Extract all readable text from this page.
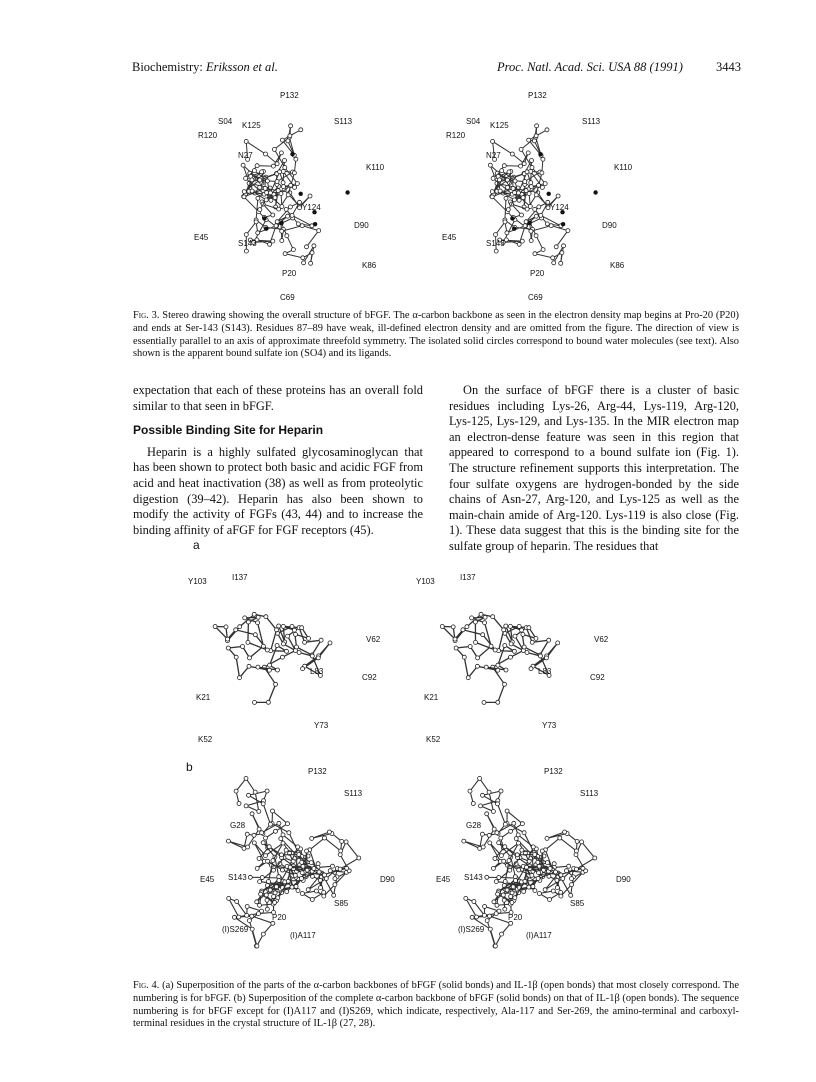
Biochemistry: Eriksson et al.	Proc. Natl. Acad. Sci. USA 88 (1991)	3443
P132
S04 K125
R120
N27
S113
K110
Y124
E45
S143
D90
P20
K86
C69
P132
S04 K125
R120
N27
S113
K110
Y124
E45
S143
D90
P20
K86
C69
Fig. 3. Stereo drawing showing the overall structure of bFGF. The α-carbon backbone as seen in the electron density map begins at Pro-20 (P20) and ends at Ser-143 (S143). Residues 87–89 have weak, ill-defined electron density and are omitted from the figure. The direction of view is essentially parallel to an axis of approximate threefold symmetry. The isolated solid circles correspond to bound water molecules (see text). Also shown is the apparent bound sulfate ion (SO4) and its ligands.

expectation that each of these proteins has an overall fold similar to that seen in bFGF.

Possible Binding Site for Heparin

Heparin is a highly sulfated glycosaminoglycan that has been shown to protect both basic and acidic FGF from acid and heat inactivation (38) as well as from proteolytic digestion (39–42). Heparin has also been shown to modify the activity of FGFs (43, 44) and to increase the binding affinity of aFGF for FGF receptors (45).

On the surface of bFGF there is a cluster of basic residues including Lys-26, Arg-44, Lys-119, Arg-120, Lys-125, Lys-129, and Lys-135. In the MIR electron map an electron-dense feature was seen in this region that appeared to correspond to a bound sulfate ion (Fig. 1). The structure refinement supports this interpretation. The four sulfate oxygens are hydrogen-bonded by the side chains of Asn-27, Arg-120, and Lys-125 as well as the main-chain amide of Arg-120. Lys-119 is also close (Fig. 1). These data suggest that this is the binding site for the sulfate group of heparin. The residues that

a
b
Y103	I137
V62
L83
C92
K21
Y73
K52
Y103	I137
V62
L83
C92
K21
Y73
K52
P132
S113
G28
E45 S143	D90
S85
P20
(I)S269
(I)A117
P132
S113
G28
E45 S143	D90
S85
P20
(I)S269
(I)A117
Fig. 4. (a) Superposition of the parts of the α-carbon backbones of bFGF (solid bonds) and IL-1β (open bonds) that most closely correspond. The numbering is for bFGF. (b) Superposition of the complete α-carbon backbone of bFGF (solid bonds) on that of IL-1β (open bonds). The sequence numbering is for bFGF except for (I)A117 and (I)S269, which indicate, respectively, Ala-117 and Ser-269, the amino-terminal and carboxyl-terminal residues in the crystal structure of IL-1β (27, 28).
